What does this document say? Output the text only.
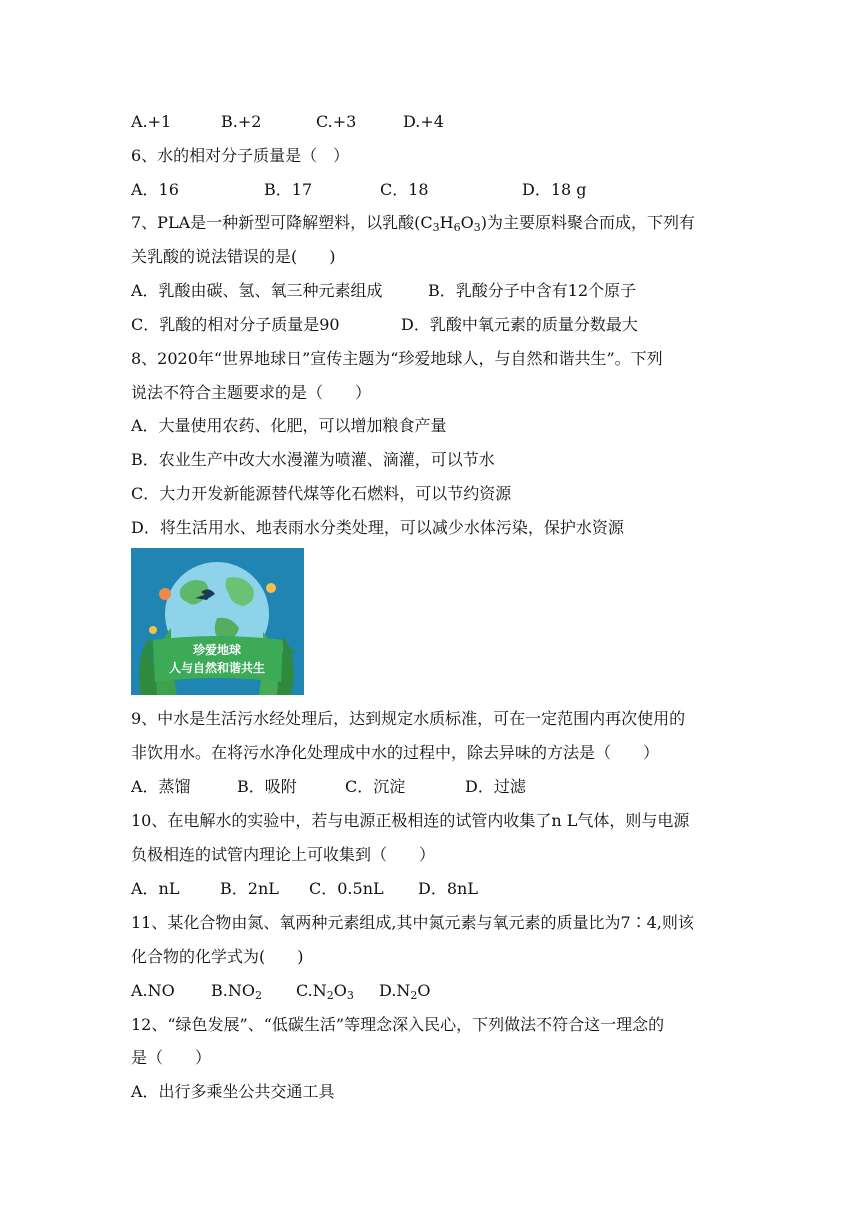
A.+1	B.+2	C.+3	D.+4
6、水的相对分子质量是（　）
A．16	B．17	C．18	D．18 g
7、PLA是一种新型可降解塑料，以乳酸$(C_3H_6O_3)$为主要原料聚合而成，下列有
关乳酸的说法错误的是(　　)
A．乳酸由碳、氢、氧三种元素组成	B．乳酸分子中含有12个原子
C．乳酸的相对分子质量是90	D．乳酸中氧元素的质量分数最大
8、2020年“世界地球日”宣传主题为“珍爱地球人，与自然和谐共生”。下列
说法不符合主题要求的是（　　）
A．大量使用农药、化肥，可以增加粮食产量
B．农业生产中改大水漫灌为喷灌、滴灌，可以节水
C．大力开发新能源替代煤等化石燃料，可以节约资源
D．将生活用水、地表雨水分类处理，可以减少水体污染，保护水资源
珍爱地球
人与自然和谐共生
9、中水是生活污水经处理后，达到规定水质标准，可在一定范围内再次使用的
非饮用水。在将污水净化处理成中水的过程中，除去异味的方法是（　　）
A．蒸馏	B．吸附	C．沉淀	D．过滤
10、在电解水的实验中，若与电源正极相连的试管内收集了n L气体，则与电源
负极相连的试管内理论上可收集到（　　）
A．nL	B．2nL C．0.5nL D．8nL
11、某化合物由氮、氧两种元素组成,其中氮元素与氧元素的质量比为7∶4,则该
化合物的化学式为(　　)
A.NO $B.NO_2$ $C.N_2O_3$ $D.N_2O$
12、“绿色发展”、“低碳生活”等理念深入民心，下列做法不符合这一理念的
是（　　）
A．出行多乘坐公共交通工具
